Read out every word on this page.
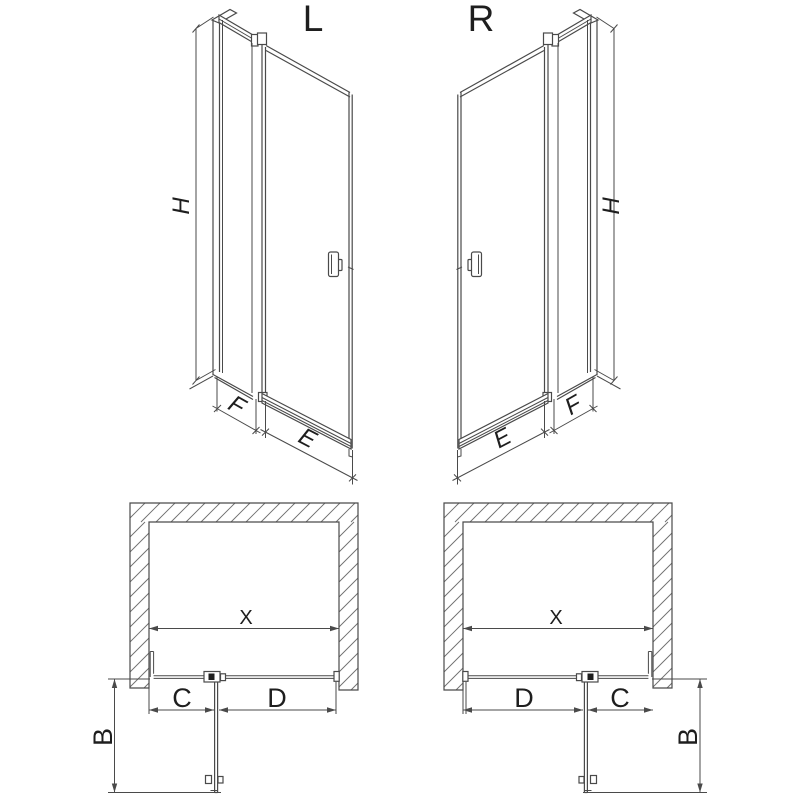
L
H
F
E
R
H
F
E
X
C	D
B
X
D	C
B
